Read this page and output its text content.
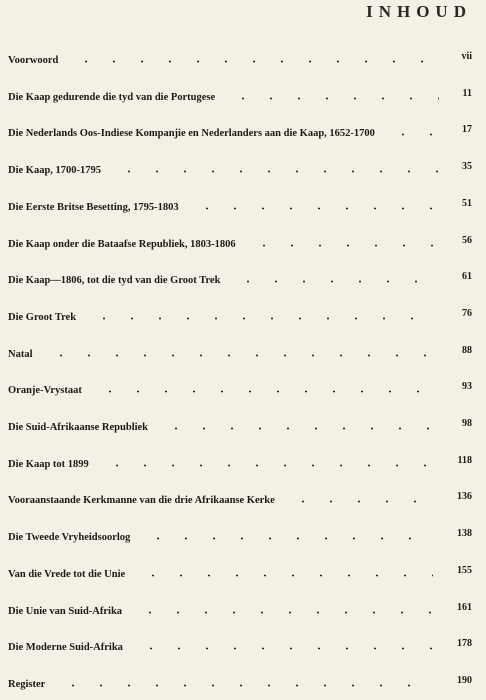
INHOUD
Voorwoord	vii
Die Kaap gedurende die tyd van die Portugese	11
Die Nederlands Oos-Indiese Kompanjie en Nederlanders aan die Kaap, 1652-1700	17
Die Kaap, 1700-1795	35
Die Eerste Britse Besetting, 1795-1803	51
Die Kaap onder die Bataafse Republiek, 1803-1806	56
Die Kaap—1806, tot die tyd van die Groot Trek	61
Die Groot Trek	76
Natal	88
Oranje-Vrystaat	93
Die Suid-Afrikaanse Republiek	98
Die Kaap tot 1899	118
Vooraanstaande Kerkmanne van die drie Afrikaanse Kerke	136
Die Tweede Vryheidsoorlog	138
Van die Vrede tot die Unie	155
Die Unie van Suid-Afrika	161
Die Moderne Suid-Afrika	178
Register	190
